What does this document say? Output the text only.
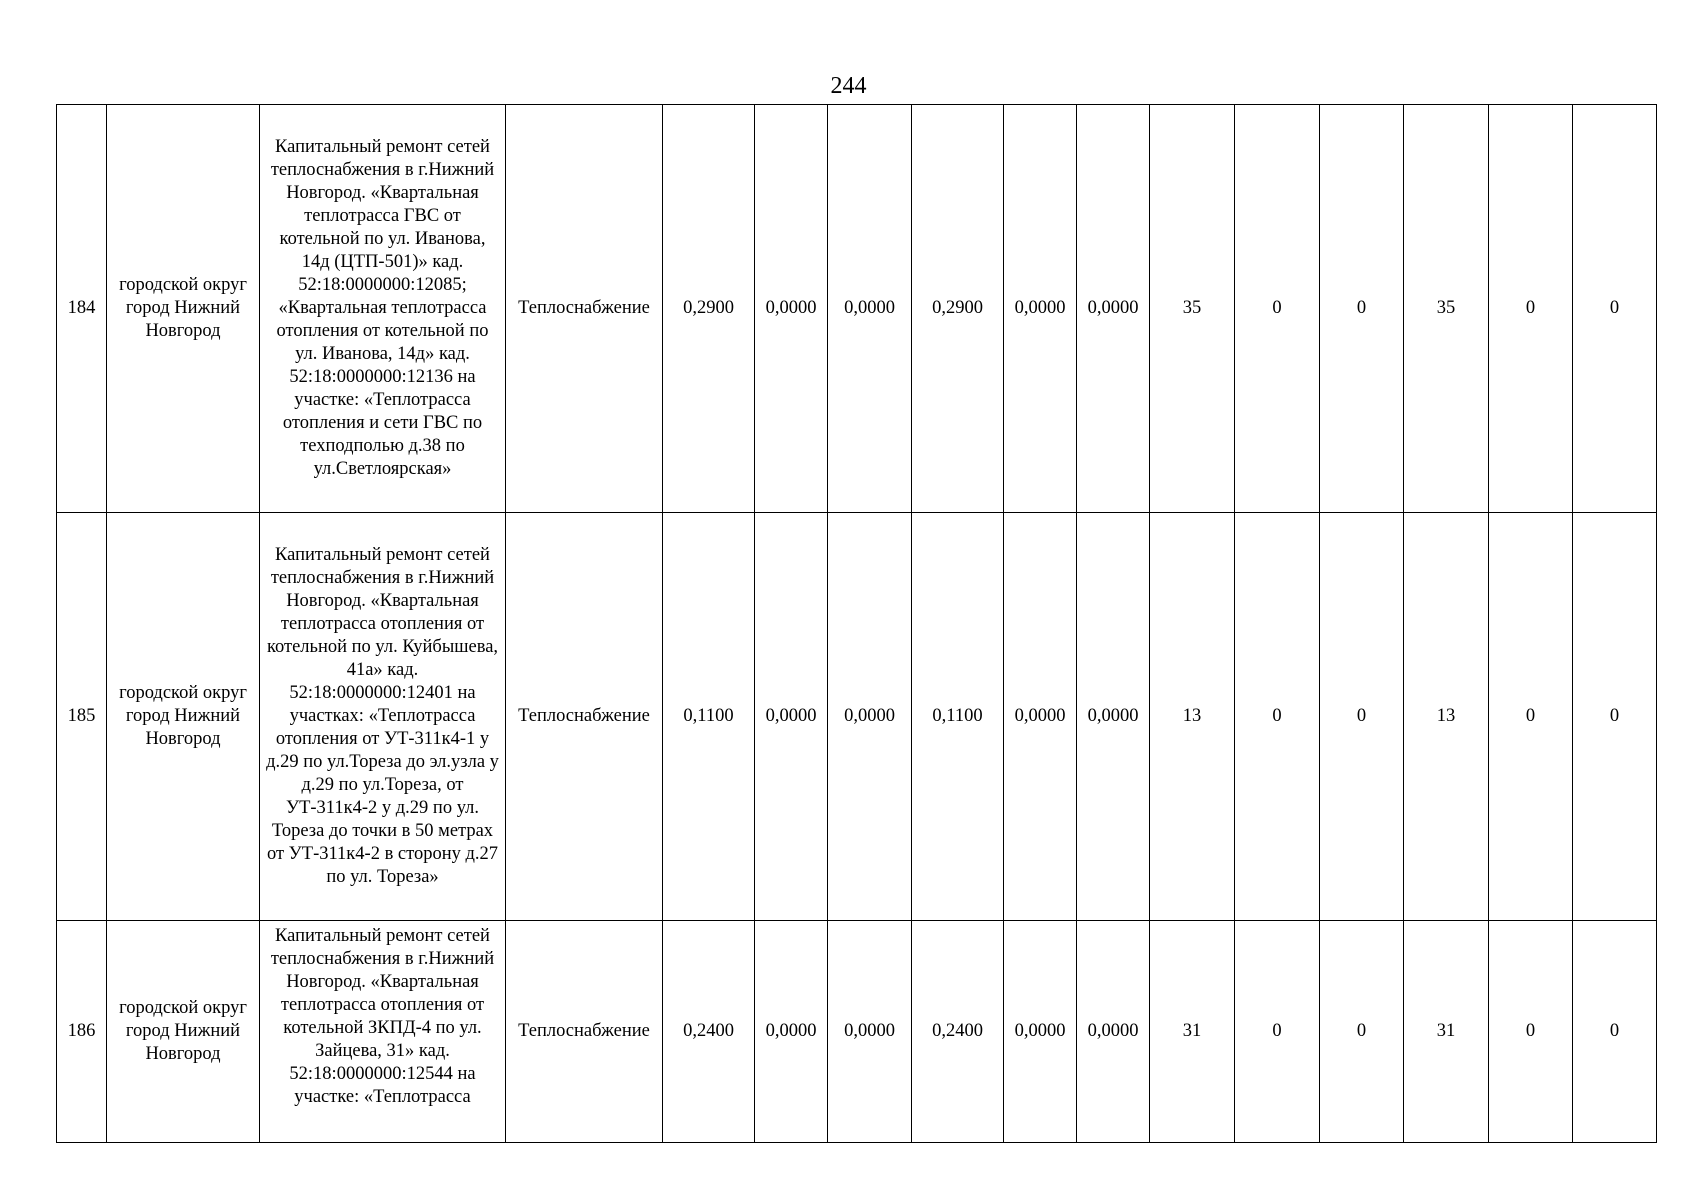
244
184	городской округ город Нижний Новгород	Капитальный ремонт сетей теплоснабжения в г.Нижний Новгород. «Квартальная теплотрасса ГВС от котельной по ул. Иванова, 14д (ЦТП-501)» кад. 52:18:0000000:12085; «Квартальная теплотрасса отопления от котельной по ул. Иванова, 14д» кад. 52:18:0000000:12136 на участке: «Теплотрасса отопления и сети ГВС по техподполью д.38 по ул.Светлоярская»	Теплоснабжение	0,2900	0,0000	0,0000	0,2900	0,0000	0,0000	35	0	0	35	0	0
185	городской округ город Нижний Новгород	Капитальный ремонт сетей теплоснабжения в г.Нижний Новгород. «Квартальная теплотрасса отопления от котельной по ул. Куйбышева, 41а» кад. 52:18:0000000:12401 на участках: «Теплотрасса отопления от УТ-311к4-1 у д.29 по ул.Тореза до эл.узла у д.29 по ул.Тореза, от УТ-311к4-2 у д.29 по ул. Тореза до точки в 50 метрах от УТ-311к4-2 в сторону д.27 по ул. Тореза»	Теплоснабжение	0,1100	0,0000	0,0000	0,1100	0,0000	0,0000	13	0	0	13	0	0
186	городской округ город Нижний Новгород	Капитальный ремонт сетей теплоснабжения в г.Нижний Новгород. «Квартальная теплотрасса отопления от котельной ЗКПД-4 по ул. Зайцева, 31» кад. 52:18:0000000:12544 на участке: «Теплотрасса	Теплоснабжение	0,2400	0,0000	0,0000	0,2400	0,0000	0,0000	31	0	0	31	0	0
